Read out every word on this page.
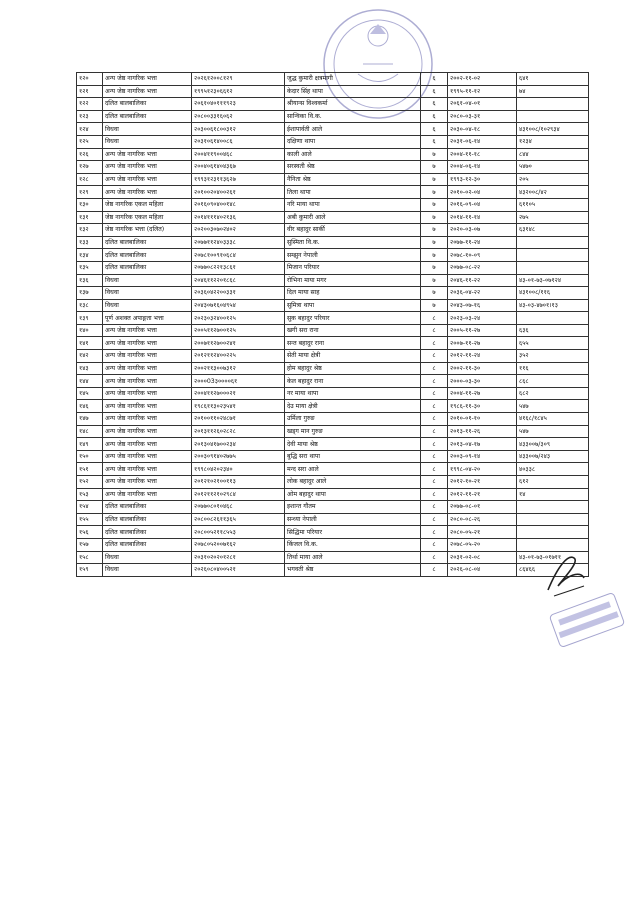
१२०	अन्य जेष्ठ नागरिक भत्ता	२०२६१२००८१२९	जुद्ध कुमारी क्षत्रमागी	६	२००२-११-०२	६४१
१२१	अन्य जेष्ठ नागरिक भत्ता	१९९५१२३०६६१२	केदार सिंह थापा	६	१९९५-११-१२	७४
१२२	दलित बालबालिका	२०६१०४०१११९२३	श्रीयान्स विश्वकर्मा	६	२०६१-०४-०१	
१२३	दलित बालबालिका	२०८००३३१६०६२	सान्विका वि.क.	६	२०८०-०३-३१	
१२४	विधवा	२०३००६१८००३१२	ईशापार्वती आले	६	२०३०-०४-१८	४३१००८/१०२९३४
१२५	विधवा	२०३१०६१४००८६	दक्षिणा थापा	६	२०३१-०६-१४	१२३४
१२६	अन्य जेष्ठ नागरिक भत्ता	२००४११९००४६८	काली आले	७	२००४-११-१८	८४४
१२७	अन्य जेष्ठ नागरिक भत्ता	२००४०६१४०४३६७	सरस्वती श्रेष्ठ	७	२००४-०६-१४	५४७०
१२८	अन्य जेष्ठ नागरिक भत्ता	१९९३१२३११३६२७	नैनिता श्रेष्ठ	७	१९९३-१२-३०	२०५
१२९	अन्य जेष्ठ नागरिक भत्ता	२०१००२०४००२६१	तिला थापा	७	२०१०-०२-०४	४३२००८/४२
१३०	जेष्ठ नागरिक एकल महिला	२०१६०९०४००१४८	नरि माया थापा	७	२०१६-०९-०४	६११०५
१३१	जेष्ठ नागरिक एकल महिला	२०१४१११४०२१३६	अबी कुमारी आले	७	२०१४-११-१४	२७५
१३२	जेष्ठ नागरिक भत्ता (दलित)	२०२००३०७०२४०२	वीर बहादुर सार्की	७	२०२०-०३-०७	६३१४८
१३३	दलित बालबालिका	२०७७११२४०३३३८	सुस्मिता वि.क.	७	२०७७-११-२४	
१३४	दलित बालबालिका	२०७८१००९१०६८४	सम्झुन नेपाली	७	२०७८-१०-०९	
१३५	दलित बालबालिका	२०७७०८२२१३८६१	मिजान परियार	७	२०७७-०८-२२	
१३६	विधवा	२०४६११२२०१८६८	रोभिना माया मगर	७	२०४६-११-२२	४३-०१-७३-०७१२४
१३७	विधवा	२०३६०४२२००३३१	दिल माया साह	७	२०३६-०४-२२	४३१००८/११६
१३८	विधवा	२०४३०७१६०४९५४	सुमित्रा थापा	७	२०४३-०७-१६	४३-०३-४७०१।१३
१३९	पूर्ण अशक्त अपाङ्गता भत्ता	२०२३०३२४००१२५	सुक बहादुर परियार	८	२०२३-०३-२४	
१४०	अन्य जेष्ठ नागरिक भत्ता	२००५११२७००१२५	खगी सरा राना	८	२००५-११-२७	६३६
१४१	अन्य जेष्ठ नागरिक भत्ता	२००७११२७००२४१	सन्त बहादुर राना	८	२००७-११-२७	६५५
१४२	अन्य जेष्ठ नागरिक भत्ता	२०१२११२४००२२५	सेती माया क्षेत्री	८	२०१२-११-२४	३५२
१४३	अन्य जेष्ठ नागरिक भत्ता	२००२११३००७३१२	होम बहादुर श्रेष्ठ	८	२००२-११-३०	११६
१४४	अन्य जेष्ठ नागरिक भत्ता	२०००03३००००६१	केल बहादुर राना	८	२०००-०३-३०	८६८
१४५	अन्य जेष्ठ नागरिक भत्ता	२००४११२७०००२१	नर माया थापा	८	२००४-११-२७	६८२
१४६	अन्य जेष्ठ नागरिक भत्ता	१९८६११३०२३५४१	देउ माया क्षेत्री	८	१९८६-११-३०	५४७
१४७	अन्य जेष्ठ नागरिक भत्ता	२०१००११०२४८७१	उर्मिला गुरुङ	८	२०१०-०१-१०	४१६८/१८४५
१४८	अन्य जेष्ठ नागरिक भत्ता	२०१३११२६०२८२८	खड्ग मान गुरुङ	८	२०१३-११-२६	५४७
१४९	अन्य जेष्ठ नागरिक भत्ता	२०१३०४१७००२३४	देवी माया श्रेष्ठ	८	२०१३-०४-१७	४३३००७/३०९
१५०	अन्य जेष्ठ नागरिक भत्ता	२००३०९१४०२७७५	बुद्धि सरा थापा	८	२००३-०९-१४	४३३००७/२४३
१५१	अन्य जेष्ठ नागरिक भत्ता	१९९८०४२०२३४०	मन्द सरा आले	८	१९९८-०४-२०	४०३३८
१५२	अन्य जेष्ठ नागरिक भत्ता	२०१२१०२१००११३	लोक बहादुर आले	८	२०१२-१०-२१	६१२
१५३	अन्य जेष्ठ नागरिक भत्ता	२०१२११२१०२९८४	ओम बहादुर थापा	८	२०१२-११-२१	१४
१५४	दलित बालबालिका	२०७७०८०१०४६८	इशान्त गौतम	८	२०७७-०८-०१	
१५५	दलित बालबालिका	२०८००८२६११३६५	सन्ध्या नेपाली	८	२०८०-०८-२६	
१५६	दलित बालबालिका	२०८००५२११८५५३	सिद्धिमा परियार	८	२०८०-०५-२१	
१५७	दलित बालबालिका	२०७८०५२००७१६२	किंजल वि.क.	८	२०७८-०५-२०	
१५८	विधवा	२०३१०२०२०१२८१	तिर्था माया आले	८	२०३१-०२-०८	४३-०१-७३-०१७११
१५९	विधवा	२०२६०८०४००५२१	भगवती श्रेष्ठ	८	२०२६-०८-०४	८६४६६
